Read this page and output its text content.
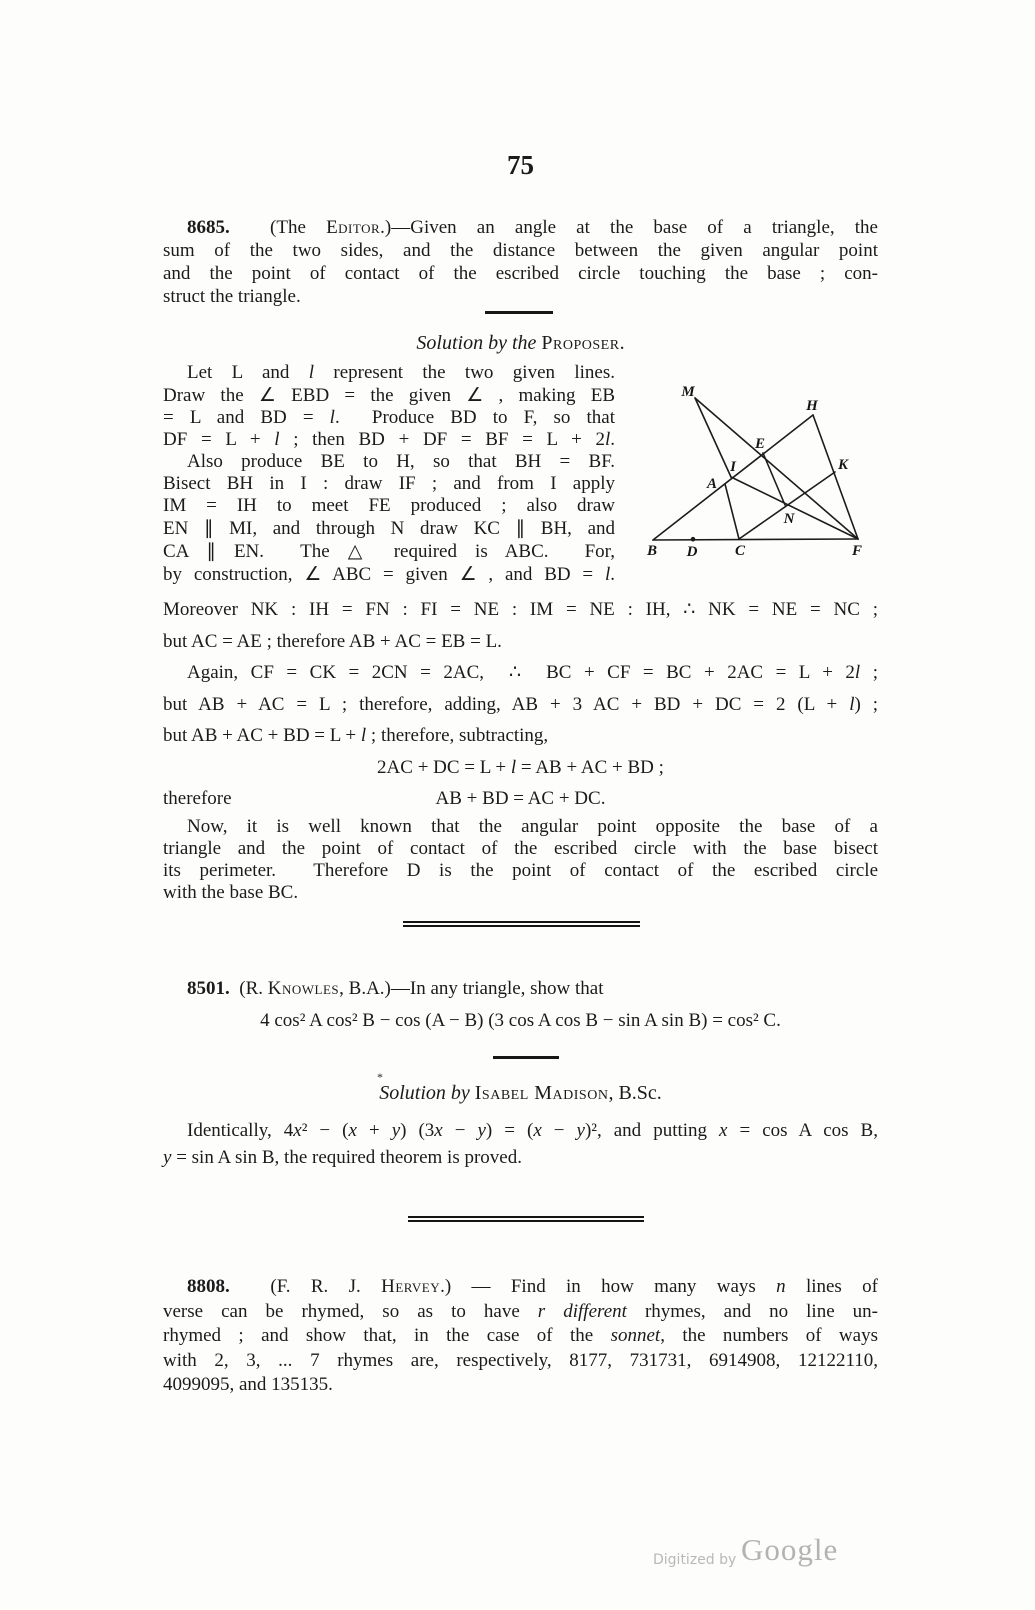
75
8685.  (The Editor.)—Given an angle at the base of a triangle, the
sum of the two sides, and the distance between the given angular point
and the point of contact of the escribed circle touching the base ; con-
struct the triangle.
Solution by the Proposer.
Let L and l represent the two given lines.
Draw the ∠ EBD = the given ∠ , making EB
= L and BD = l.  Produce BD to F, so that
DF = L + l ; then BD + DF = BF = L + 2l.
Also produce BE to H, so that BH = BF.
Bisect BH in I : draw IF ; and from I apply
IM = IH to meet FE produced ; also draw
EN ∥ MI, and through N draw KC ∥ BH, and
CA ∥ EN.  The △ required is ABC.  For,
by construction, ∠ ABC = given ∠ , and BD = l.
M
H
E
I
A
K
N
B D	C	F
Moreover NK : IH = FN : FI = NE : IM = NE : IH, ∴ NK = NE = NC ;
but AC = AE ; therefore AB + AC = EB = L.
Again, CF = CK = 2CN = 2AC,  ∴  BC + CF = BC + 2AC = L + 2l ;
but AB + AC = L ; therefore, adding, AB + 3 AC + BD + DC = 2 (L + l) ;
but AB + AC + BD = L + l ; therefore, subtracting,
2AC + DC = L + l = AB + AC + BD ;
therefore	AB + BD = AC + DC.
Now, it is well known that the angular point opposite the base of a
triangle and the point of contact of the escribed circle with the base bisect
its perimeter.  Therefore D is the point of contact of the escribed circle
with the base BC.
8501.  (R. Knowles, B.A.)—In any triangle, show that
4 cos² A cos² B − cos (A − B) (3 cos A cos B − sin A sin B) = cos² C.
*
Solution by Isabel Madison, B.Sc.
Identically, 4x² − (x + y) (3x − y) = (x − y)², and putting x = cos A cos B,
y = sin A sin B, the required theorem is proved.
8808.  (F. R. J. Hervey.) — Find in how many ways n lines of
verse can be rhymed, so as to have r different rhymes, and no line un-
rhymed ; and show that, in the case of the sonnet, the numbers of ways
with 2, 3, ... 7 rhymes are, respectively, 8177, 731731, 6914908, 12122110,
4099095, and 135135.
Digitized by Google
